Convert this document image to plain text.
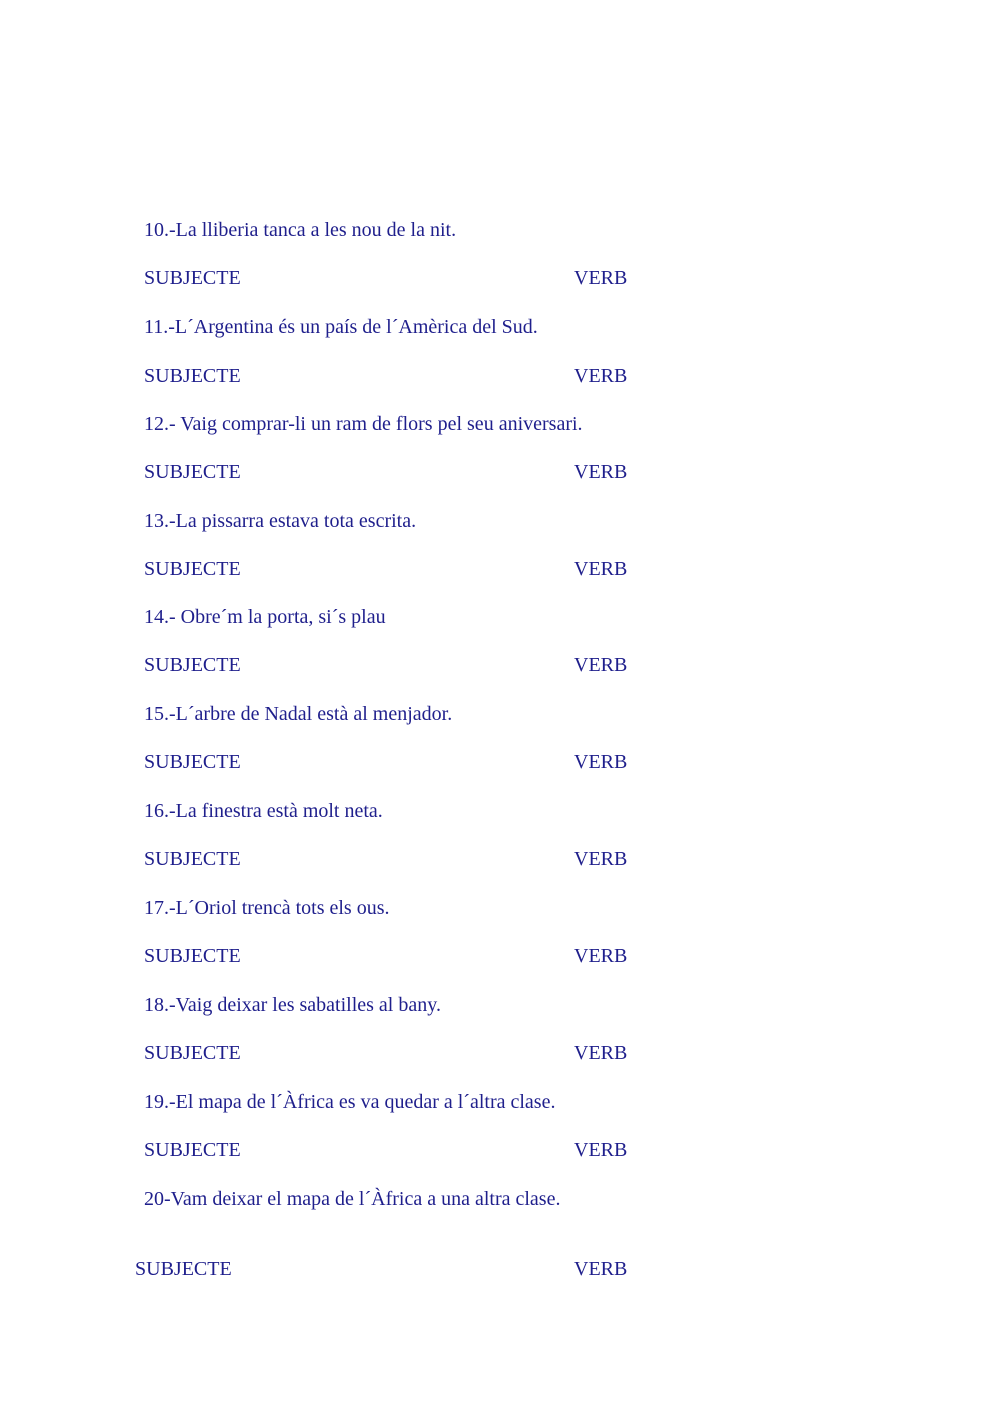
10.-La lliberia tanca a les nou de la nit.
SUBJECTE	VERB
11.-L´Argentina és un país de l´Amèrica del Sud.
SUBJECTE	VERB
12.- Vaig comprar-li un ram de flors pel seu aniversari.
SUBJECTE	VERB
13.-La pissarra estava tota escrita.
SUBJECTE	VERB
14.- Obre´m la porta, si´s plau
SUBJECTE	VERB
15.-L´arbre de Nadal està al menjador.
SUBJECTE	VERB
16.-La finestra està molt neta.
SUBJECTE	VERB
17.-L´Oriol trencà tots els ous.
SUBJECTE	VERB
18.-Vaig deixar les sabatilles al bany.
SUBJECTE	VERB
19.-El mapa de l´Àfrica es va quedar a l´altra clase.
SUBJECTE	VERB
20-Vam deixar el mapa de l´Àfrica a una altra clase.
SUBJECTE	VERB
